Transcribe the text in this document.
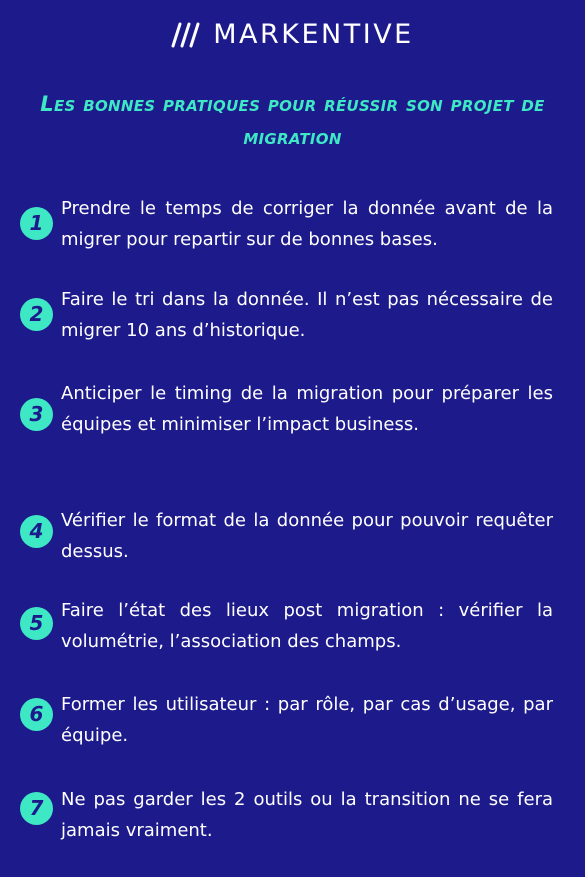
MARKENTIVE
Les bonnes pratiques pour réussir son projet de migration
1

Prendre le temps de corriger la donnée avant de la migrer pour repartir sur de bonnes bases.

2

Faire le tri dans la donnée. Il n’est pas nécessaire de migrer 10 ans d’historique.

3

Anticiper le timing de la migration pour préparer les équipes et minimiser l’impact business.

4 Vérifier le format de la donnée pour pouvoir requêter dessus.

5

Faire l’état des lieux post migration : vérifier la volumétrie, l’association des champs.

6 Former les utilisateur : par rôle, par cas d’usage, par équipe.

7 Ne pas garder les 2 outils ou la transition ne se fera jamais vraiment.
